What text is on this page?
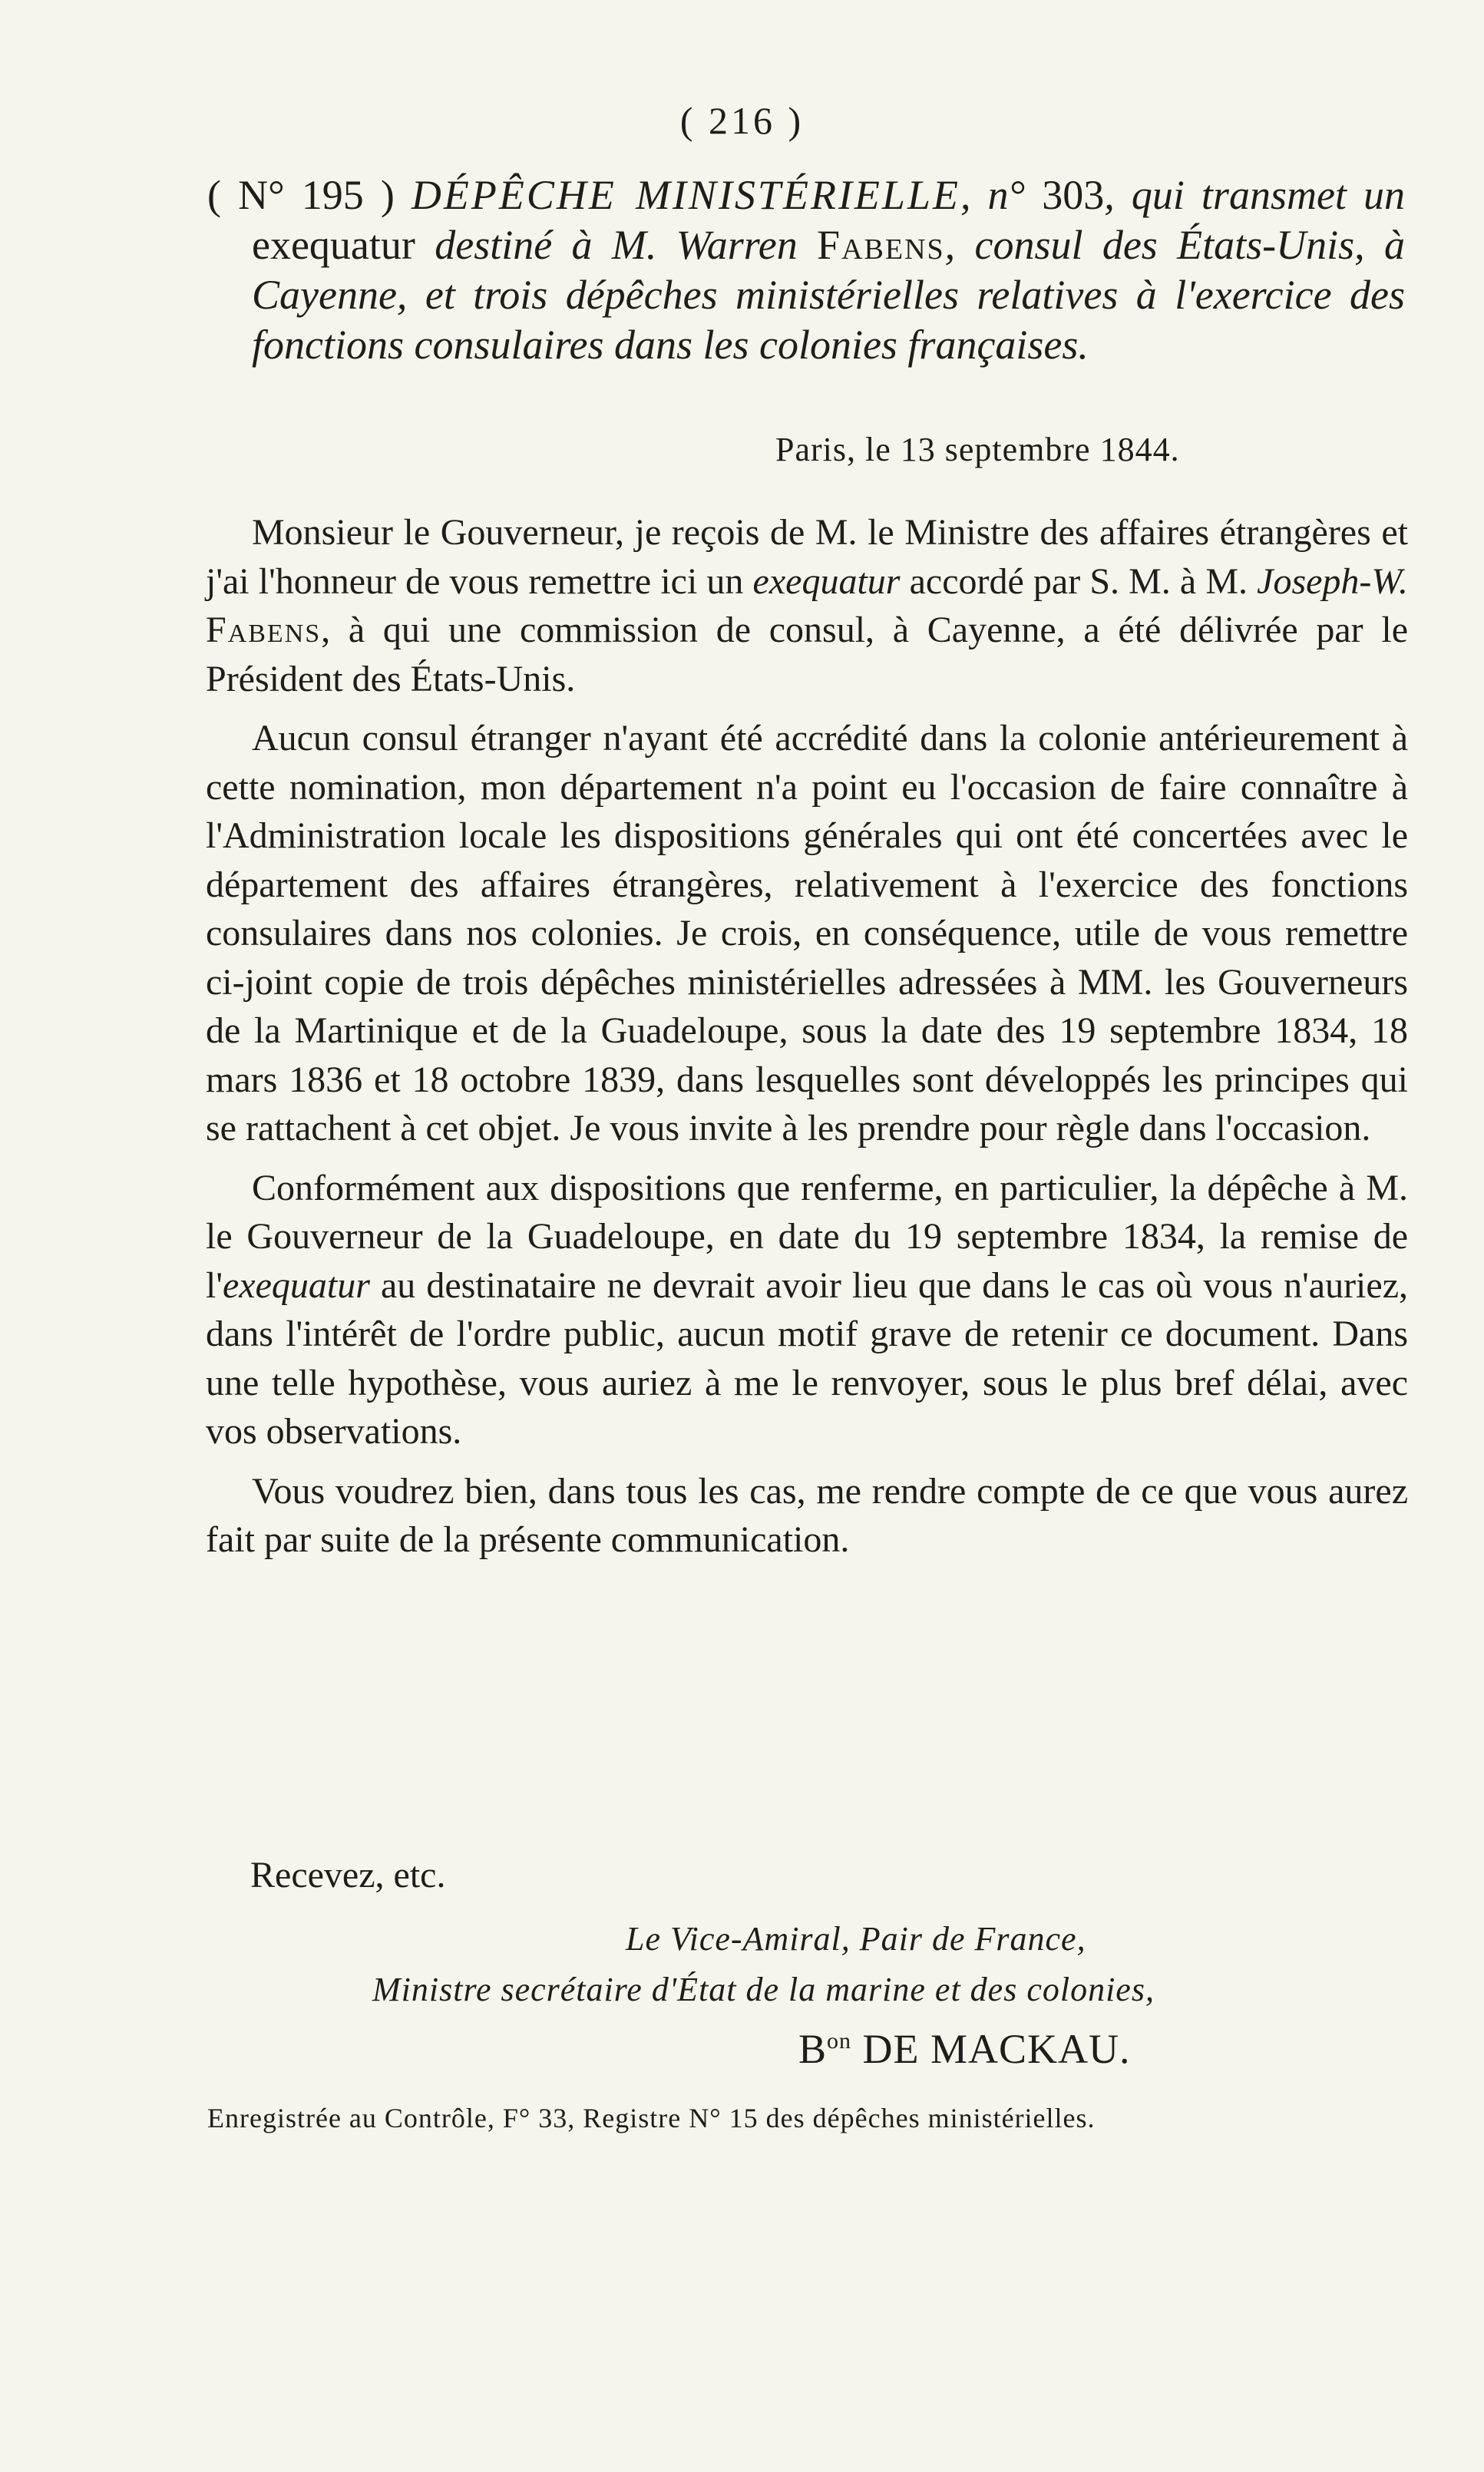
( 216 )
( N° 195 ) DÉPÊCHE MINISTÉRIELLE, n° 303, qui transmet un exequatur destiné à M. Warren Fabens, consul des États-Unis, à Cayenne, et trois dépêches ministérielles relatives à l'exercice des fonctions consulaires dans les colonies françaises.
Paris, le 13 septembre 1844.

Monsieur le Gouverneur, je reçois de M. le Ministre des affaires étrangères et j'ai l'honneur de vous remettre ici un exequatur accordé par S. M. à M. Joseph-W. Fabens, à qui une commission de consul, à Cayenne, a été délivrée par le Président des États-Unis.

Aucun consul étranger n'ayant été accrédité dans la colonie antérieurement à cette nomination, mon département n'a point eu l'occasion de faire connaître à l'Administration locale les dispositions générales qui ont été concertées avec le département des affaires étrangères, relativement à l'exercice des fonctions consulaires dans nos colonies. Je crois, en conséquence, utile de vous remettre ci-joint copie de trois dépêches ministérielles adressées à MM. les Gouverneurs de la Martinique et de la Guadeloupe, sous la date des 19 septembre 1834, 18 mars 1836 et 18 octobre 1839, dans lesquelles sont développés les principes qui se rattachent à cet objet. Je vous invite à les prendre pour règle dans l'occasion.

Conformément aux dispositions que renferme, en particulier, la dépêche à M. le Gouverneur de la Guadeloupe, en date du 19 septembre 1834, la remise de l'exequatur au destinataire ne devrait avoir lieu que dans le cas où vous n'auriez, dans l'intérêt de l'ordre public, aucun motif grave de retenir ce document. Dans une telle hypothèse, vous auriez à me le renvoyer, sous le plus bref délai, avec vos observations.

Vous voudrez bien, dans tous les cas, me rendre compte de ce que vous aurez fait par suite de la présente communication.

Recevez, etc.
Le Vice-Amiral, Pair de France,
Ministre secrétaire d'État de la marine et des colonies,
$B^{on}$ DE MACKAU.
Enregistrée au Contrôle, F° 33, Registre N° 15 des dépêches ministérielles.
